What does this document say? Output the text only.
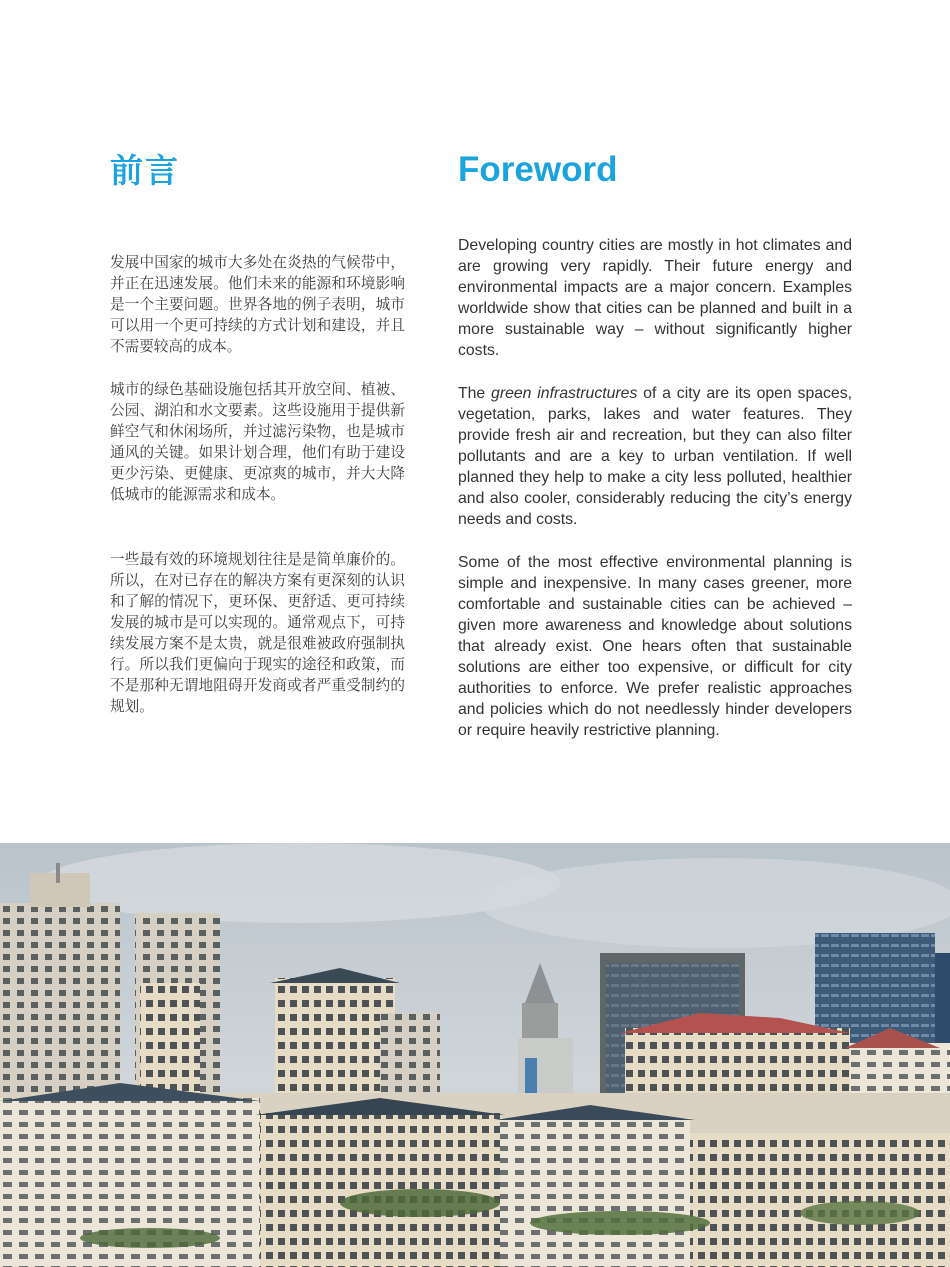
前言

发展中国家的城市大多处在炎热的气候带中，并正在迅速发展。他们未来的能源和环境影响是一个主要问题。世界各地的例子表明，城市可以用一个更可持续的方式计划和建设，并且不需要较高的成本。

城市的绿色基础设施包括其开放空间、植被、公园、湖泊和水文要素。这些设施用于提供新鲜空气和休闲场所，并过滤污染物，也是城市通风的关键。如果计划合理，他们有助于建设更少污染、更健康、更凉爽的城市，并大大降低城市的能源需求和成本。

一些最有效的环境规划往往是是简单廉价的。所以，在对已存在的解决方案有更深刻的认识和了解的情况下，更环保、更舒适、更可持续发展的城市是可以实现的。通常观点下，可持续发展方案不是太贵，就是很难被政府强制执行。所以我们更偏向于现实的途径和政策，而不是那种无谓地阻碍开发商或者严重受制约的规划。

Foreword

Developing country cities are mostly in hot climates and are growing very rapidly. Their future energy and environmental impacts are a major concern. Examples worldwide show that cities can be planned and built in a more sustainable way – without significantly higher costs.

The green infrastructures of a city are its open spaces, vegetation, parks, lakes and water features. They provide fresh air and recreation, but they can also filter pollutants and are a key to urban ventilation. If well planned they help to make a city less polluted, healthier and also cooler, considerably reducing the city’s energy needs and costs.

Some of the most effective environmental planning is simple and inexpensive. In many cases greener, more comfortable and sustainable cities can be achieved – given more awareness and knowledge about solutions that already exist. One hears often that sustainable solutions are either too expensive, or difficult for city authorities to enforce. We prefer realistic approaches and policies which do not needlessly hinder developers or require heavily restrictive planning.
